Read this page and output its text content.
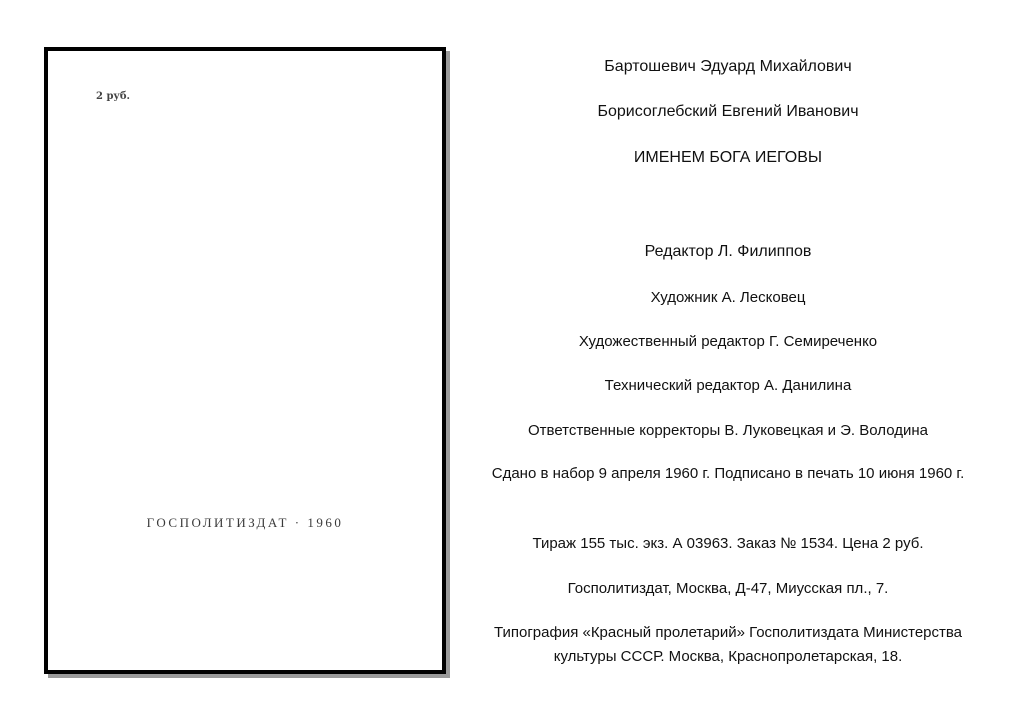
2 руб.
ГОСПОЛИТИЗДАТ · 1960
Бартошевич Эдуард Михайлович
Борисоглебский Евгений Иванович
ИМЕНЕМ БОГА ИЕГОВЫ
Редактор Л. Филиппов
Художник А. Лесковец
Художественный редактор Г. Семиреченко
Технический редактор А. Данилина
Ответственные корректоры В. Луковецкая и Э. Володина
Сдано в набор 9 апреля 1960 г. Подписано в печать 10 июня 1960 г.
Тираж 155 тыс. экз. А 03963. Заказ № 1534. Цена 2 руб.
Госполитиздат, Москва, Д-47, Миусская пл., 7.
Типография «Красный пролетарий» Госполитиздата Министерства культуры СССР. Москва, Краснопролетарская, 18.
